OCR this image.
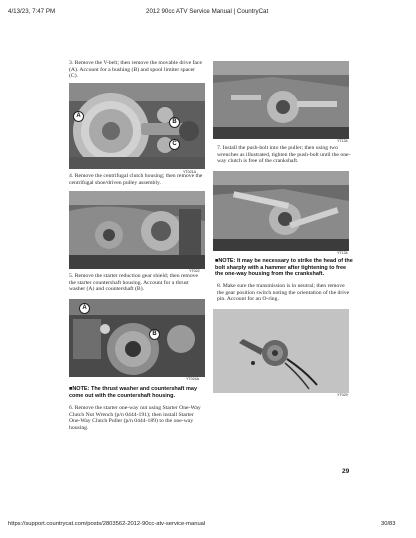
4/13/23, 7:47 PM	2012 90cc ATV Service Manual | CountryCat
3. Remove the V-belt; then remove the movable drive face (A). Account for a bushing (B) and spool limiter spacer (C).
A
B
C
YT021A
4. Remove the centrifugal clutch housing; then remove the centrifugal shoe/driven pulley assembly.
YT022
5. Remove the starter reduction gear shield; then remove the starter countershaft housing. Account for a thrust washer (A) and countershaft (B).
A
B
YT024A
■NOTE: The thrust washer and countershaft may come out with the countershaft housing.
6. Remove the starter one-way nut using Starter One-Way Clutch Nut Wrench (p/n 0444-191); then install Starter One-Way Clutch Puller (p/n 0444-189) to the one-way housing.
YT134
7. Install the push-bolt into the puller; then using two wrenches as illustrated, tighten the push-bolt until the one-way clutch is free of the crankshaft.
YT134
■NOTE: It may be necessary to strike the head of the bolt sharply with a hammer after tightening to free the one-way housing from the crankshaft.
8. Make sure the transmission is in neutral; then remove the gear position switch noting the orientation of the drive pin. Account for an O-ring.
YT029
29
https://support.countrycat.com/posts/2803562-2012-90cc-atv-service-manual	30/83
